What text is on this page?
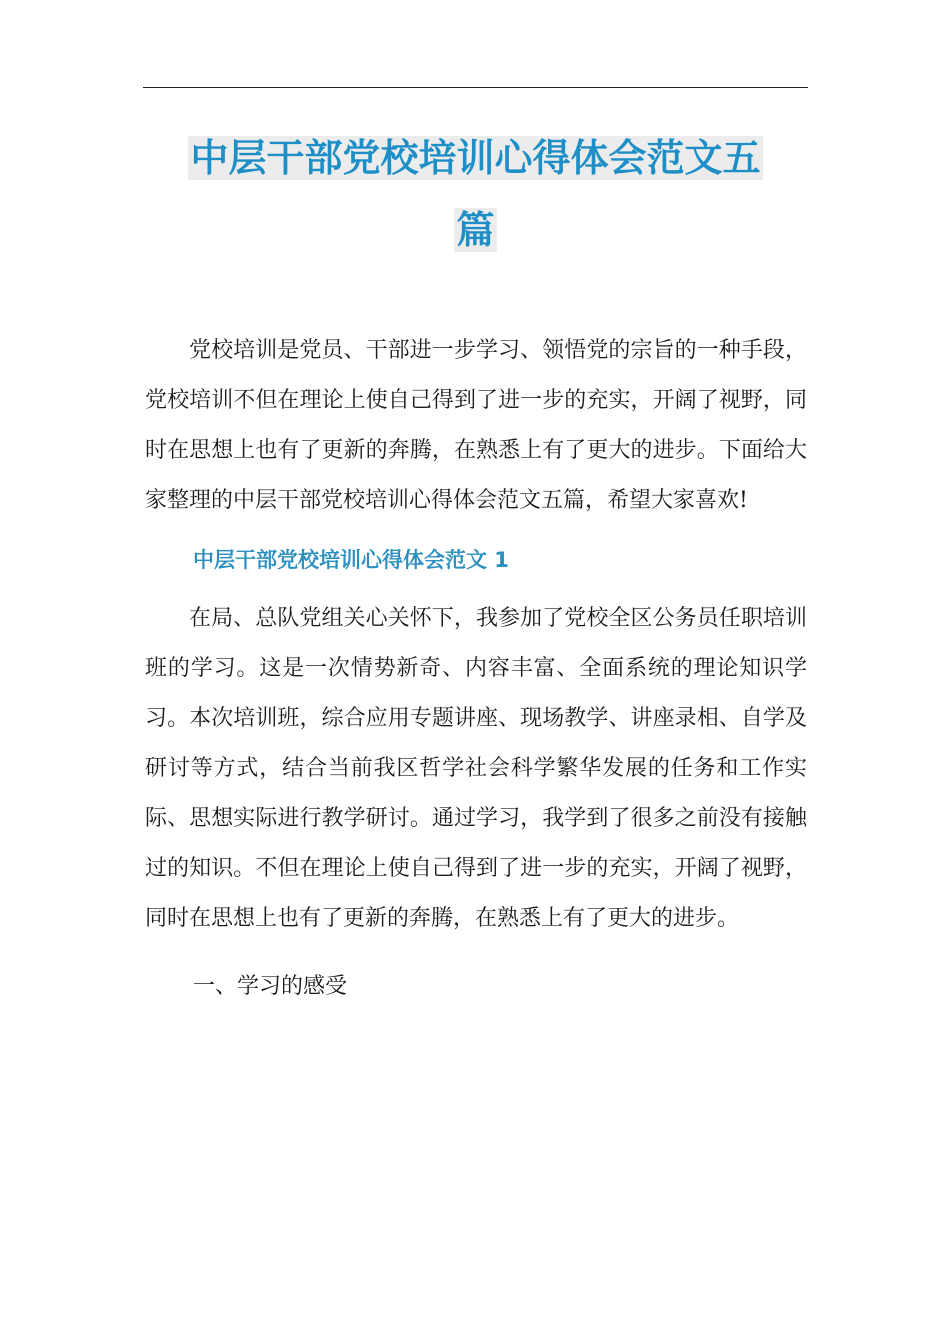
中层干部党校培训心得体会范文五
篇

党校培训是党员、干部进一步学习、领悟党的宗旨的一种手段，党校培训不但在理论上使自己得到了进一步的充实，开阔了视野，同时在思想上也有了更新的奔腾，在熟悉上有了更大的进步。下面给大家整理的中层干部党校培训心得体会范文五篇，希望大家喜欢!

中层干部党校培训心得体会范文 1

在局、总队党组关心关怀下，我参加了党校全区公务员任职培训班的学习。这是一次情势新奇、内容丰富、全面系统的理论知识学习。本次培训班，综合应用专题讲座、现场教学、讲座录相、自学及研讨等方式，结合当前我区哲学社会科学繁华发展的任务和工作实际、思想实际进行教学研讨。通过学习，我学到了很多之前没有接触过的知识。不但在理论上使自己得到了进一步的充实，开阔了视野，同时在思想上也有了更新的奔腾，在熟悉上有了更大的进步。

一、学习的感受
